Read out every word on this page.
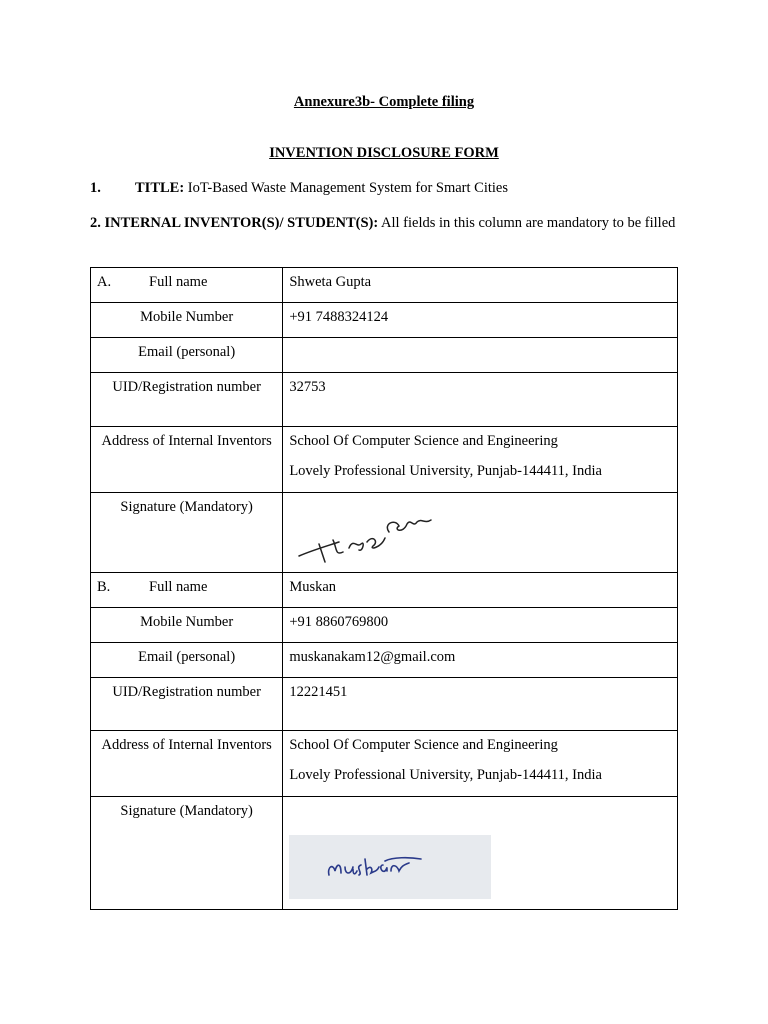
Annexure3b- Complete filing
INVENTION DISCLOSURE FORM
1. TITLE: IoT-Based Waste Management System for Smart Cities
2. INTERNAL INVENTOR(S)/ STUDENT(S): All fields in this column are mandatory to be filled
A. Full name	Shweta Gupta
Mobile Number	+91 7488324124
Email (personal)	
UID/Registration number	32753
Address of Internal Inventors	School Of Computer Science and Engineering
Lovely Professional University, Punjab-144411, India

Signature (Mandatory)	

B. Full name	Muskan
Mobile Number	+91 8860769800
Email (personal)	muskanakam12@gmail.com
UID/Registration number	12221451
Address of Internal Inventors	School Of Computer Science and Engineering
Lovely Professional University, Punjab-144411, India

Signature (Mandatory)	
